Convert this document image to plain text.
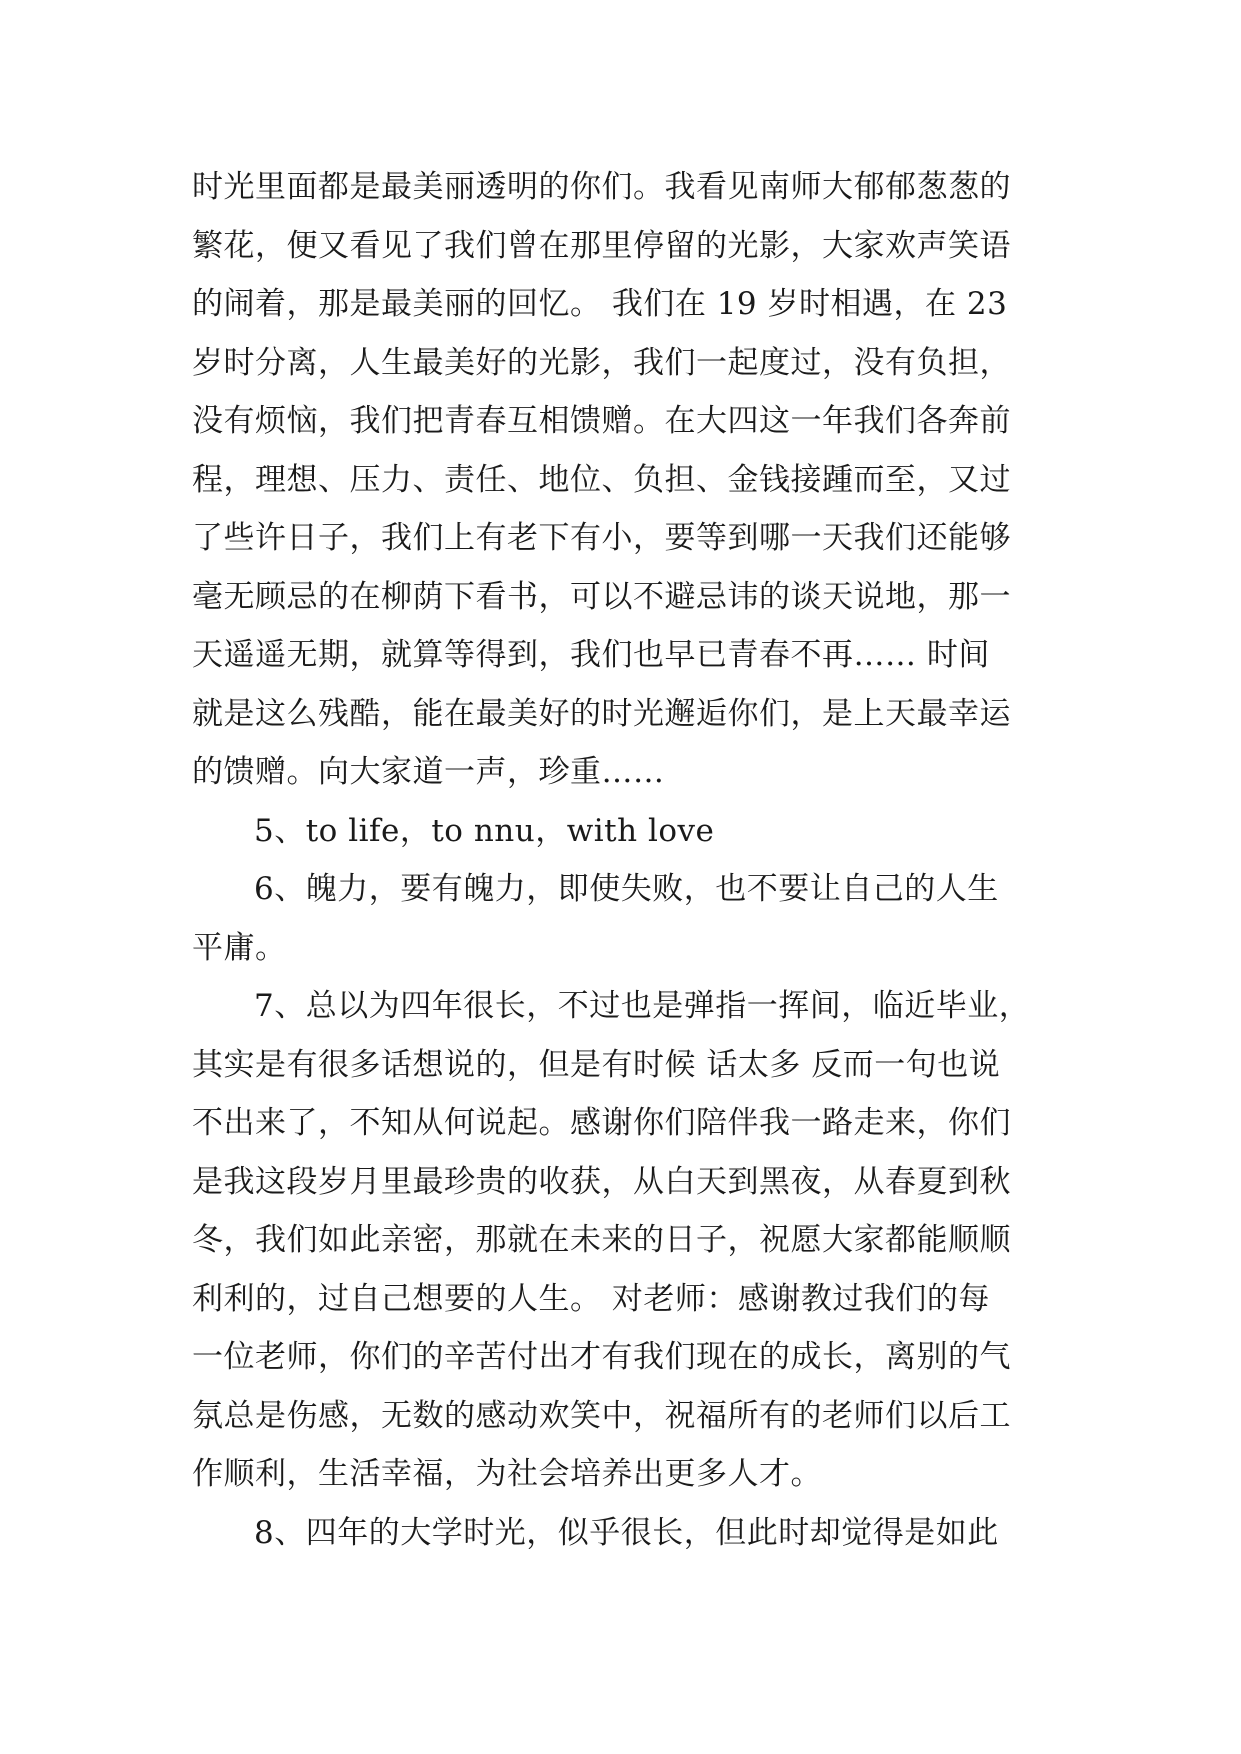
时光里面都是最美丽透明的你们。我看见南师大郁郁葱葱的
繁花，便又看见了我们曾在那里停留的光影，大家欢声笑语
的闹着，那是最美丽的回忆。 我们在 19 岁时相遇，在 23
岁时分离，人生最美好的光影，我们一起度过，没有负担，
没有烦恼，我们把青春互相馈赠。在大四这一年我们各奔前
程，理想、压力、责任、地位、负担、金钱接踵而至，又过
了些许日子，我们上有老下有小，要等到哪一天我们还能够
毫无顾忌的在柳荫下看书，可以不避忌讳的谈天说地，那一
天遥遥无期，就算等得到，我们也早已青春不再…… 时间
就是这么残酷，能在最美好的时光邂逅你们，是上天最幸运
的馈赠。向大家道一声，珍重……
5、to life，to nnu，with love
6、魄力，要有魄力，即使失败，也不要让自己的人生
平庸。
7、总以为四年很长，不过也是弹指一挥间，临近毕业，
其实是有很多话想说的，但是有时候 话太多 反而一句也说
不出来了，不知从何说起。感谢你们陪伴我一路走来，你们
是我这段岁月里最珍贵的收获，从白天到黑夜，从春夏到秋
冬，我们如此亲密，那就在未来的日子，祝愿大家都能顺顺
利利的，过自己想要的人生。 对老师：感谢教过我们的每
一位老师，你们的辛苦付出才有我们现在的成长，离别的气
氛总是伤感，无数的感动欢笑中，祝福所有的老师们以后工
作顺利，生活幸福，为社会培养出更多人才。
8、四年的大学时光，似乎很长，但此时却觉得是如此
